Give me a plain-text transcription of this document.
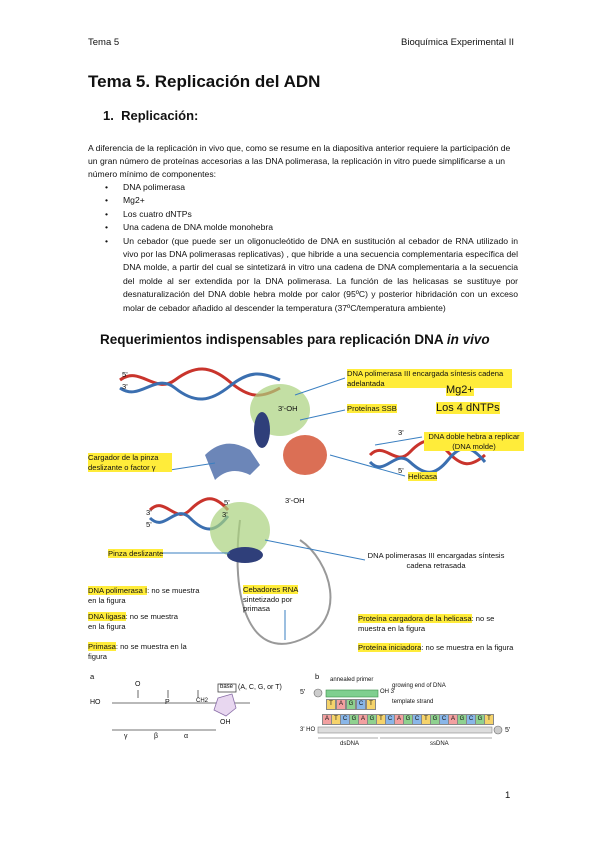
Tema 5	Bioquímica Experimental II
Tema 5. Replicación del ADN
1. Replicación:

A diferencia de la replicación in vivo que, como se resume en la diapositiva anterior requiere la participación de un gran número de proteínas accesorias a las DNA polimerasa, la replicación in vitro puede simplificarse a un número mínimo de componentes:

• DNA polimerasa
• Mg2+
• Los cuatro dNTPs
• Una cadena de DNA molde monohebra
• Un cebador (que puede ser un oligonucleótido de DNA en sustitución al cebador de RNA utilizado in vivo por las DNA polimerasas replicativas) , que hibride a una secuencia complementaria específica del DNA molde, a partir del cual se sintetizará in vitro una cadena de DNA complementaria a la secuencia del molde al ser extendida por la DNA polimerasa. La función de las helicasas se sustituye por desnaturalización del DNA doble hebra molde por calor (95ºC) y posterior hibridación con un exceso molar de cebador añadido al descender la temperatura (37ºC/temperatura ambiente)
Requerimientos indispensables para replicación DNA in vivo
5'
3'
3'-OH
3'
5'
3'
5'
5'
3'
3'-OH
DNA polimerasa III encargada síntesis cadena adelantada
Mg2+
Los 4 dNTPs
Proteínas SSB
DNA doble hebra a replicar (DNA molde)
Cargador de la pinza deslizante o factor γ
Helicasa
Pinza deslizante	DNA polimerasas III encargadas síntesis cadena retrasada
DNA polimerasa I: no se muestra en la figura
DNA ligasa: no se muestra en la figura
Primasa: no se muestra en la figura
Cebadores RNA
sintetizado por primasa
Proteína cargadora de la helicasa: no se muestra en la figura
Proteína iniciadora: no se muestra en la figura
a
base (A, C, G, or T)
HO
O
P	CH2
OH
γ	β	α
b annealed primer
growing end of DNA
template strand
5'	OH 3'
3' HO	5'
dsDNA	ssDNA
T	A G C T
A T C G A G T C A G C T G C A G C G T
1
